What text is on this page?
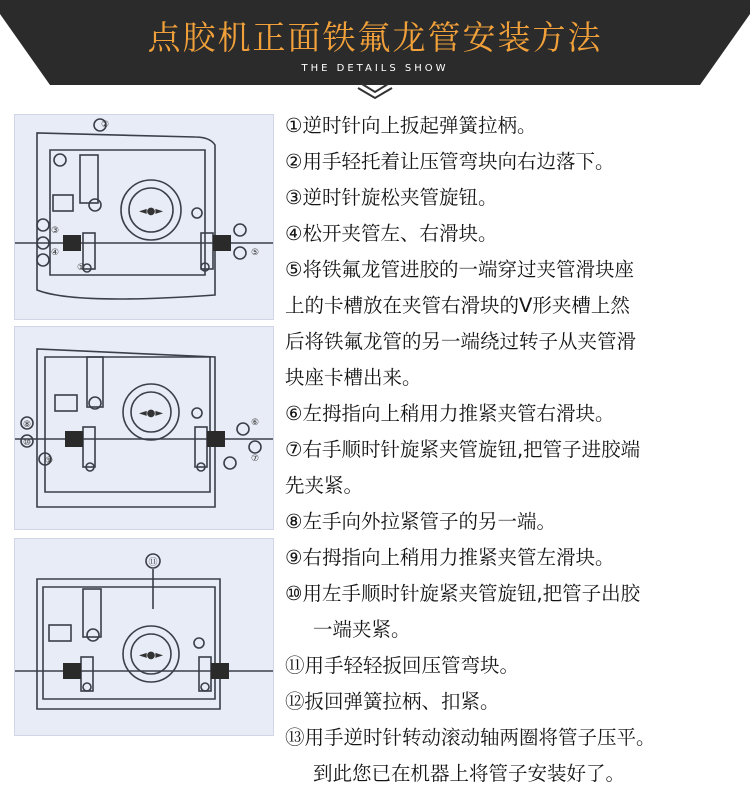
点胶机正面铁氟龙管安装方法
THE DETAILS SHOW
◄●►
①
②
③
④	⑤
◄●►
⑥
⑦
⑧
⑨
⑩
◄●►
⑪
①逆时针向上扳起弹簧拉柄。
②用手轻托着让压管弯块向右边落下。
③逆时针旋松夹管旋钮。
④松开夹管左、右滑块。
⑤将铁氟龙管进胶的一端穿过夹管滑块座
上的卡槽放在夹管右滑块的V形夹槽上然
后将铁氟龙管的另一端绕过转子从夹管滑
块座卡槽出来。
⑥左拇指向上稍用力推紧夹管右滑块。
⑦右手顺时针旋紧夹管旋钮,把管子进胶端
先夹紧。
⑧左手向外拉紧管子的另一端。
⑨右拇指向上稍用力推紧夹管左滑块。
⑩用左手顺时针旋紧夹管旋钮,把管子出胶
一端夹紧。
⑪用手轻轻扳回压管弯块。
⑫扳回弹簧拉柄、扣紧。
⑬用手逆时针转动滚动轴两圈将管子压平。
到此您已在机器上将管子安装好了。
